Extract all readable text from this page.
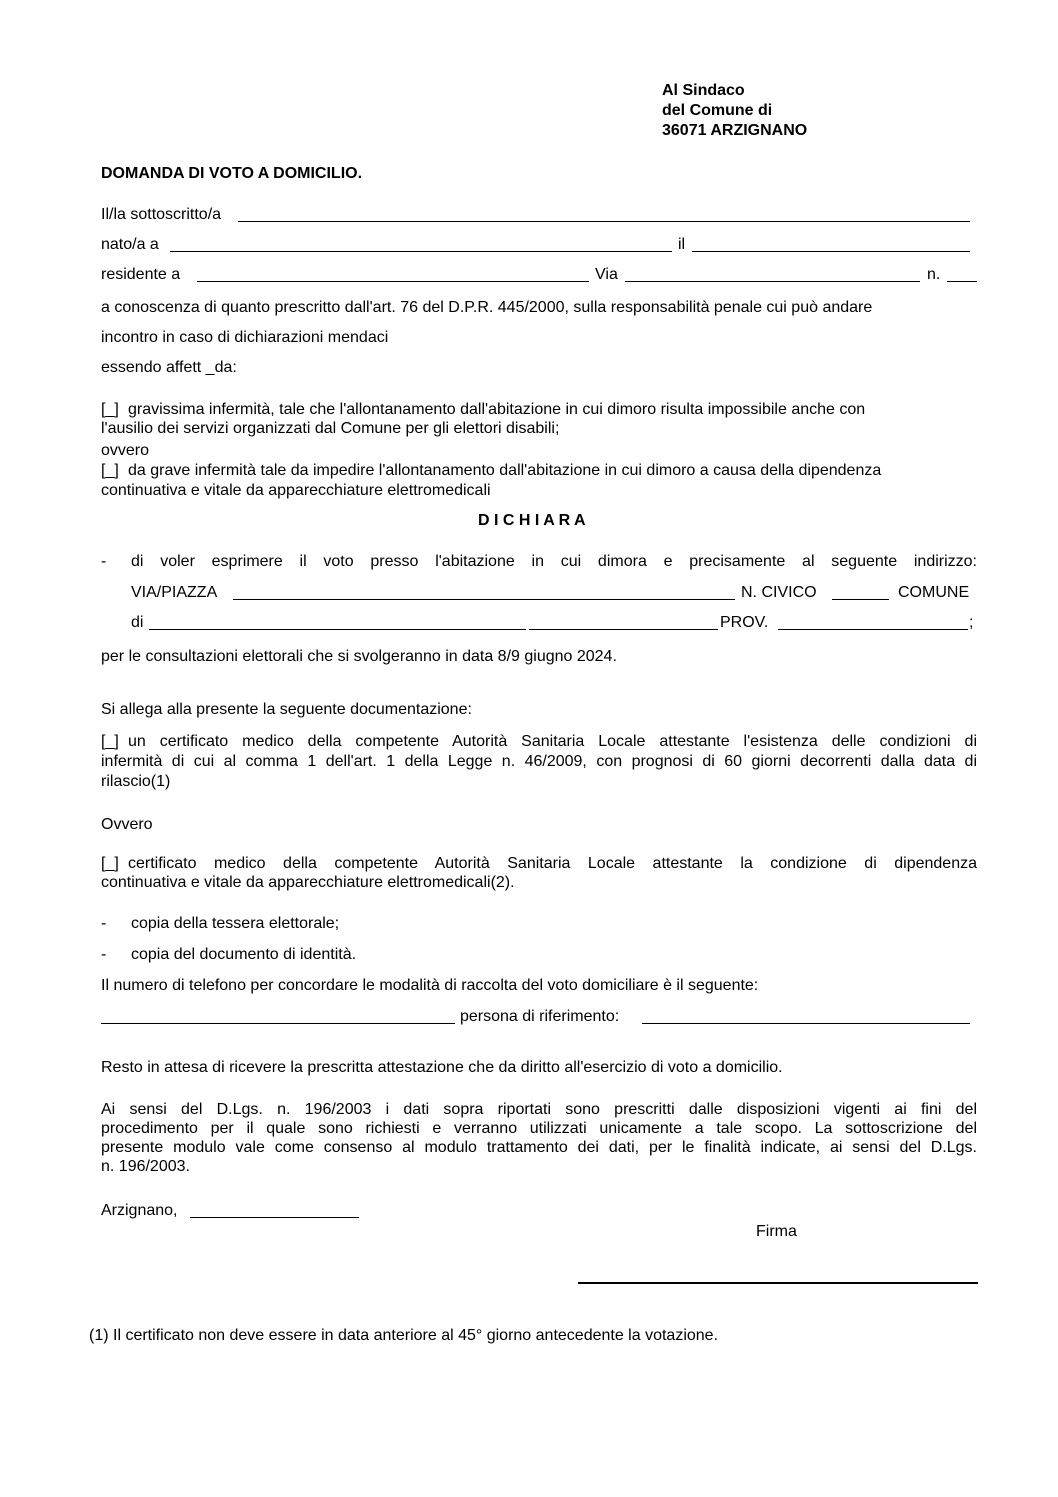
Al Sindaco
del Comune di
36071 ARZIGNANO
DOMANDA DI VOTO A DOMICILIO.
Il/la sottoscritto/a
nato/a a	il
residente a	Via	n.
a conoscenza di quanto prescritto dall'art. 76 del D.P.R. 445/2000, sulla responsabilità penale cui può andare
incontro in caso di dichiarazioni mendaci
essendo affett _da:
[_] gravissima infermità, tale che l'allontanamento dall'abitazione in cui dimoro risulta impossibile anche con
l'ausilio dei servizi organizzati dal Comune per gli elettori disabili;
ovvero
[_] da grave infermità tale da impedire l'allontanamento dall'abitazione in cui dimoro a causa della dipendenza
continuativa e vitale da apparecchiature elettromedicali
D I C H I A R A
- di voler esprimere il voto presso l'abitazione in cui dimora e precisamente al seguente indirizzo:
VIA/PIAZZA	N. CIVICO	COMUNE
di	PROV.	;
per le consultazioni elettorali che si svolgeranno in data 8/9 giugno 2024.
Si allega alla presente la seguente documentazione:
[_] un certificato medico della competente Autorità Sanitaria Locale attestante l'esistenza delle condizioni di
infermità di cui al comma 1 dell'art. 1 della Legge n. 46/2009, con prognosi di 60 giorni decorrenti dalla data di
rilascio(1)
Ovvero
[_] certificato medico della competente Autorità Sanitaria Locale attestante la condizione di dipendenza
continuativa e vitale da apparecchiature elettromedicali(2).
- copia della tessera elettorale;
- copia del documento di identità.
Il numero di telefono per concordare le modalità di raccolta del voto domiciliare è il seguente:
persona di riferimento:
Resto in attesa di ricevere la prescritta attestazione che da diritto all'esercizio di voto a domicilio.
Ai sensi del D.Lgs. n. 196/2003 i dati sopra riportati sono prescritti dalle disposizioni vigenti ai fini del
procedimento per il quale sono richiesti e verranno utilizzati unicamente a tale scopo. La sottoscrizione del
presente modulo vale come consenso al modulo trattamento dei dati, per le finalità indicate, ai sensi del D.Lgs.
n. 196/2003.
Arzignano,
Firma
(1) Il certificato non deve essere in data anteriore al 45° giorno antecedente la votazione.
